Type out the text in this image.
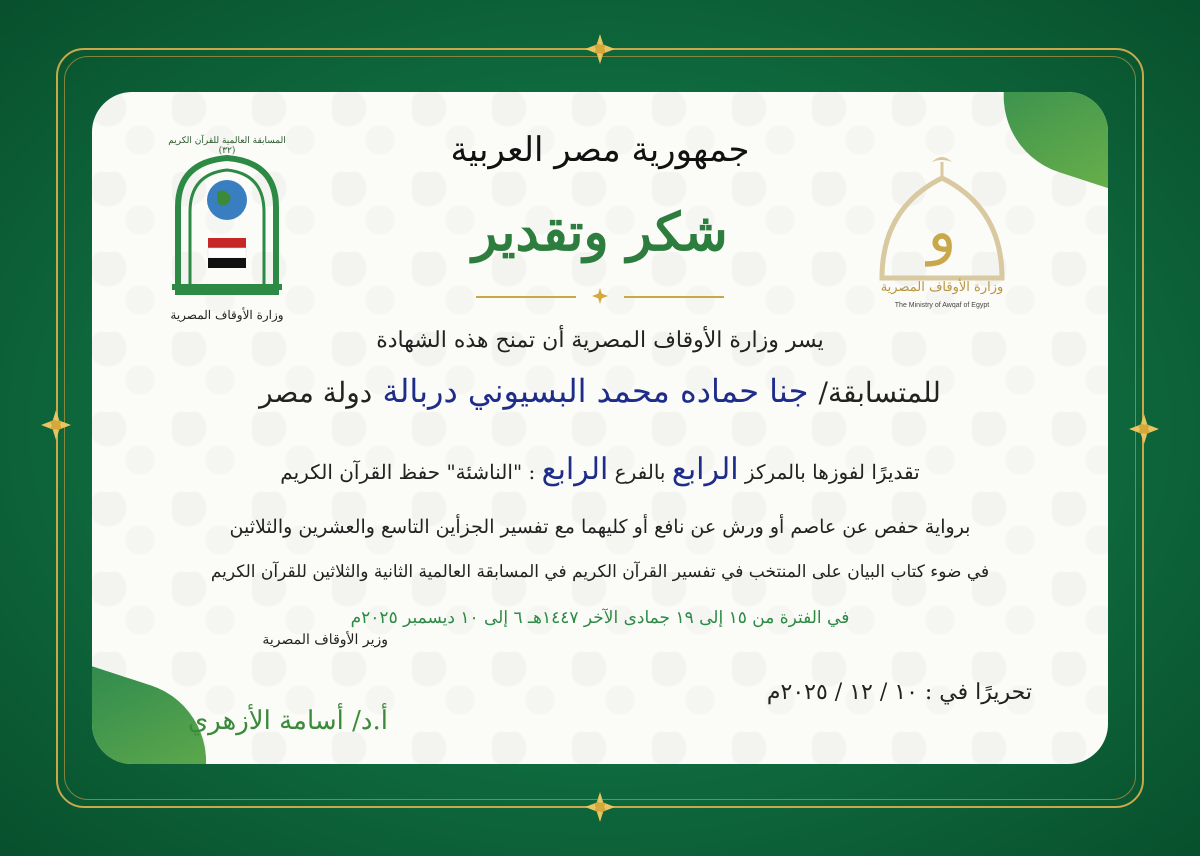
وزارة الأوقاف المصرية
المسابقة العالمية للقرآن الكريم (٣٢)
و
وزارة الأوقاف المصرية
The Ministry of Awqaf of Egypt
جمهورية مصر العربية
شكر وتقدير
يسر وزارة الأوقاف المصرية أن تمنح هذه الشهادة
للمتسابقة/ جنا حماده محمد البسيوني دربالة دولة مصر
تقديرًا لفوزها بالمركز الرابع بالفرع الرابع : "الناشئة" حفظ القرآن الكريم
برواية حفص عن عاصم أو ورش عن نافع أو كليهما مع تفسير الجزأين التاسع والعشرين والثلاثين
في ضوء كتاب البيان على المنتخب في تفسير القرآن الكريم في المسابقة العالمية الثانية والثلاثين للقرآن الكريم
في الفترة من ١٥ إلى ١٩ جمادى الآخر ١٤٤٧هـ ٦ إلى ١٠ ديسمبر ٢٠٢٥م
وزير الأوقاف المصرية
أ.د/ أسامة الأزهري
تحريرًا في : ١٠ / ١٢ / ٢٠٢٥م
